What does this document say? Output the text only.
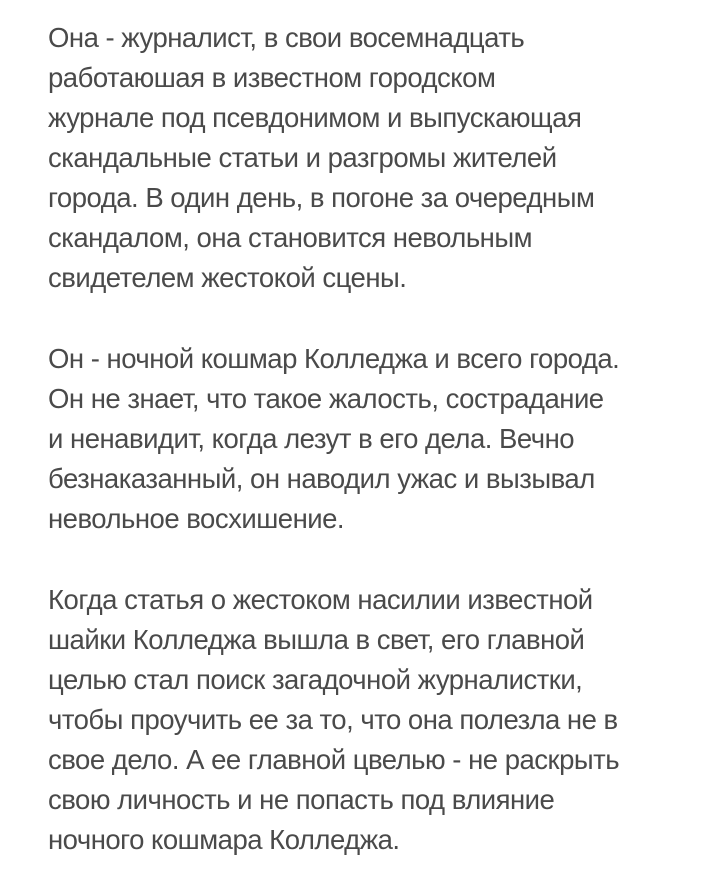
Она - журналист, в свои восемнадцать
работаюшая в известном городском
журнале под псевдонимом и выпускающая
скандальные статьи и разгромы жителей
города. В один день, в погоне за очередным
скандалом, она становится невольным
свидетелем жестокой сцены.

Он - ночной кошмар Колледжа и всего города.
Он не знает, что такое жалость, сострадание
и ненавидит, когда лезут в его дела. Вечно
безнаказанный, он наводил ужас и вызывал
невольное восхишение.

Когда статья о жестоком насилии известной
шайки Колледжа вышла в свет, его главной
целью стал поиск загадочной журналистки,
чтобы проучить ее за то, что она полезла не в
свое дело. А ее главной цвелью - не раскрыть
свою личность и не попасть под влияние
ночного кошмара Колледжа.
